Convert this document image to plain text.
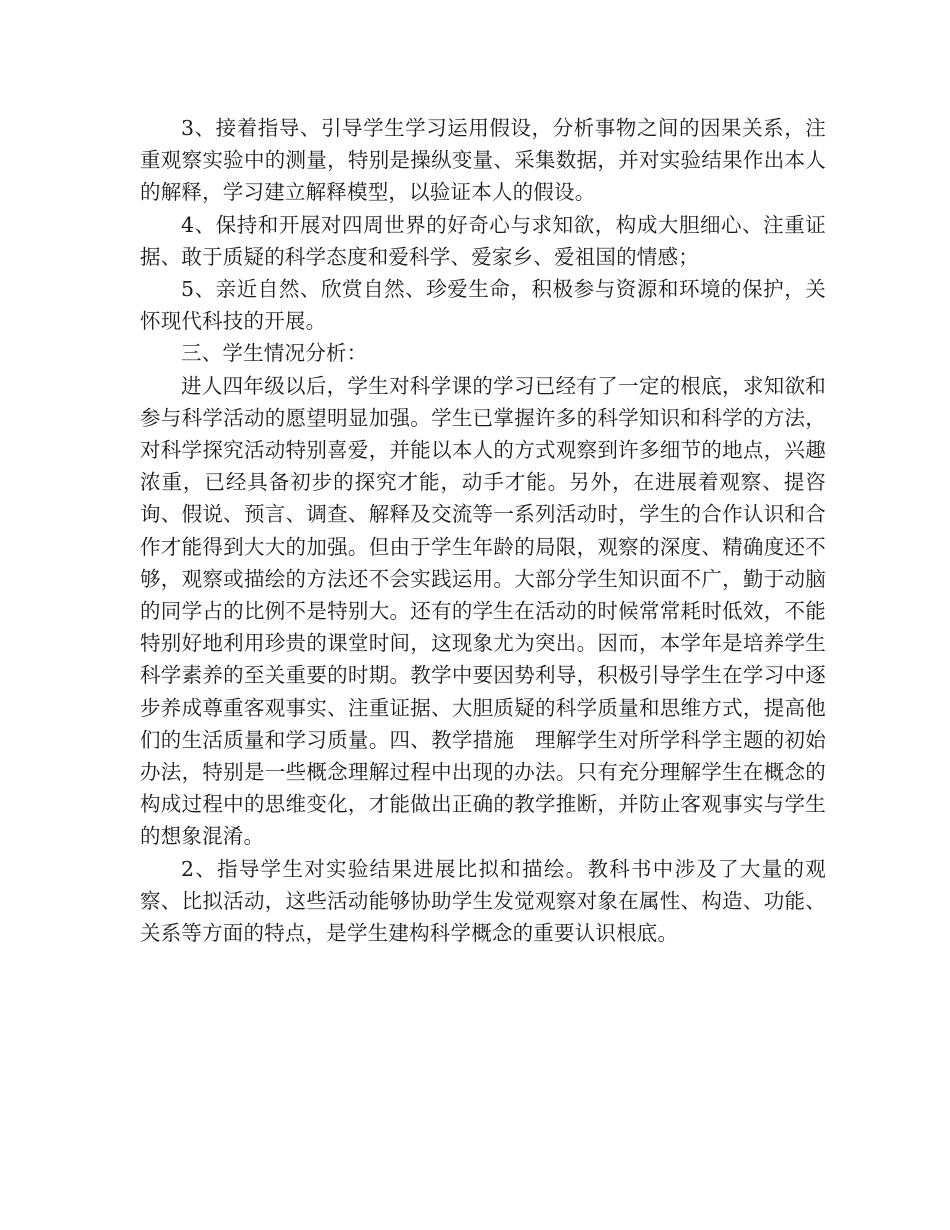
3、接着指导、引导学生学习运用假设，分析事物之间的因果关系，注重观察实验中的测量，特别是操纵变量、采集数据，并对实验结果作出本人的解释，学习建立解释模型，以验证本人的假设。

4、保持和开展对四周世界的好奇心与求知欲，构成大胆细心、注重证据、敢于质疑的科学态度和爱科学、爱家乡、爱祖国的情感；

5、亲近自然、欣赏自然、珍爱生命，积极参与资源和环境的保护，关怀现代科技的开展。

三、学生情况分析：

进人四年级以后，学生对科学课的学习已经有了一定的根底，求知欲和参与科学活动的愿望明显加强。学生已掌握许多的科学知识和科学的方法，对科学探究活动特别喜爱，并能以本人的方式观察到许多细节的地点，兴趣浓重，已经具备初步的探究才能，动手才能。另外，在进展着观察、提咨询、假说、预言、调查、解释及交流等一系列活动时，学生的合作认识和合作才能得到大大的加强。但由于学生年龄的局限，观察的深度、精确度还不够，观察或描绘的方法还不会实践运用。大部分学生知识面不广，勤于动脑的同学占的比例不是特别大。还有的学生在活动的时候常常耗时低效，不能特别好地利用珍贵的课堂时间，这现象尤为突出。因而，本学年是培养学生科学素养的至关重要的时期。教学中要因势利导，积极引导学生在学习中逐步养成尊重客观事实、注重证据、大胆质疑的科学质量和思维方式，提高他们的生活质量和学习质量。四、教学措施　理解学生对所学科学主题的初始办法，特别是一些概念理解过程中出现的办法。只有充分理解学生在概念的构成过程中的思维变化，才能做出正确的教学推断，并防止客观事实与学生的想象混淆。

2、指导学生对实验结果进展比拟和描绘。教科书中涉及了大量的观察、比拟活动，这些活动能够协助学生发觉观察对象在属性、构造、功能、关系等方面的特点，是学生建构科学概念的重要认识根底。
